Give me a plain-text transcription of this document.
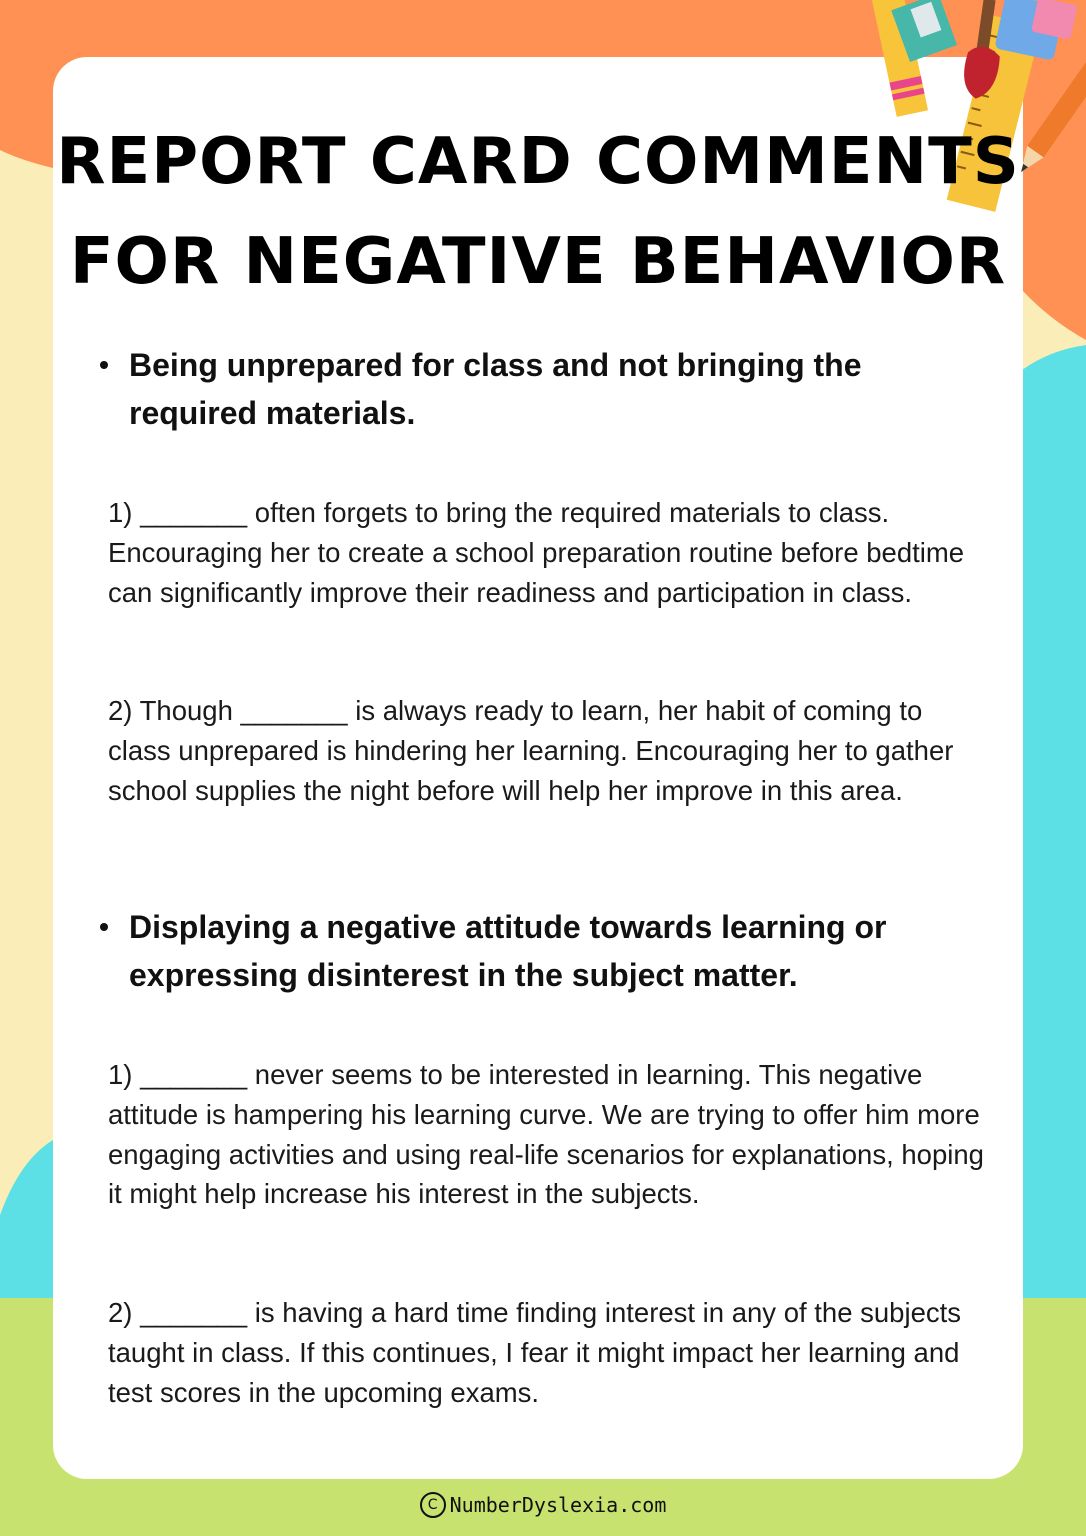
REPORT CARD COMMENTS
FOR NEGATIVE BEHAVIOR
Being unprepared for class and not bringing the required materials.

1) _______ often forgets to bring the required materials to class. Encouraging her to create a school preparation routine before bedtime can significantly improve their readiness and participation in class.

2) Though _______ is always ready to learn, her habit of coming to class unprepared is hindering her learning. Encouraging her to gather school supplies the night before will help her improve in this area.

Displaying a negative attitude towards learning or expressing disinterest in the subject matter.

1) _______ never seems to be interested in learning. This negative attitude is hampering his learning curve. We are trying to offer him more engaging activities and using real-life scenarios for explanations, hoping it might help increase his interest in the subjects.

2) _______ is having a hard time finding interest in any of the subjects taught in class. If this continues, I fear it might impact her learning and test scores in the upcoming exams.

C NumberDyslexia.com
